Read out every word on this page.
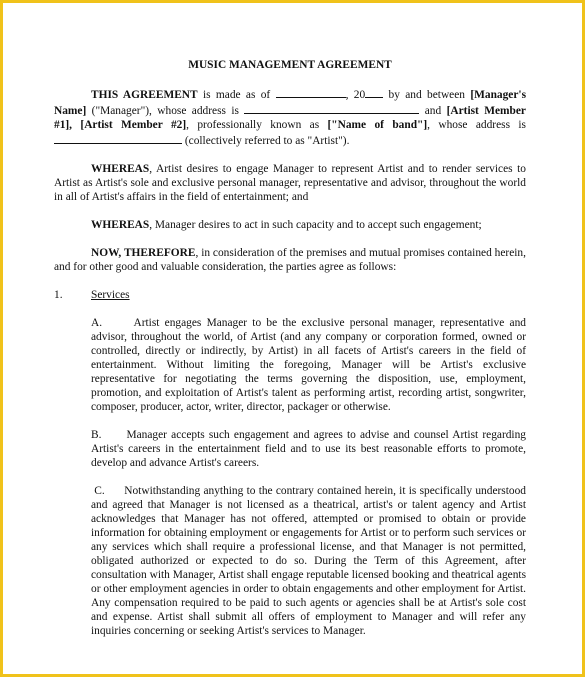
MUSIC MANAGEMENT AGREEMENT

THIS AGREEMENT is made as of	, 20 by and between [Manager's Name] ("Manager"), whose address is	and [Artist Member #1], [Artist Member #2], professionally known as ["Name of band"], whose address is  (collectively referred to as "Artist").

WHEREAS, Artist desires to engage Manager to represent Artist and to render services to Artist as Artist's sole and exclusive personal manager, representative and advisor, throughout the world in all of Artist's affairs in the field of entertainment; and

WHEREAS, Manager desires to act in such capacity and to accept such engagement;

NOW, THEREFORE, in consideration of the premises and mutual promises contained herein, and for other good and valuable consideration, the parties agree as follows:

1.	Services

A.	Artist engages Manager to be the exclusive personal manager, representative and advisor, throughout the world, of Artist (and any company or corporation formed, owned or controlled, directly or indirectly, by Artist) in all facets of Artist's careers in the field of entertainment. Without limiting the foregoing, Manager will be Artist's exclusive representative for negotiating the terms governing the disposition, use, employment, promotion, and exploitation of Artist's talent as performing artist, recording artist, songwriter, composer, producer, actor, writer, director, packager or otherwise.

B. Manager accepts such engagement and agrees to advise and counsel Artist regarding Artist's careers in the entertainment field and to use its best reasonable efforts to promote, develop and advance Artist's careers.

C. Notwithstanding anything to the contrary contained herein, it is specifically understood and agreed that Manager is not licensed as a theatrical, artist's or talent agency and Artist acknowledges that Manager has not offered, attempted or promised to obtain or provide information for obtaining employment or engagements for Artist or to perform such services or any services which shall require a professional license, and that Manager is not permitted, obligated authorized or expected to do so. During the Term of this Agreement, after consultation with Manager, Artist shall engage reputable licensed booking and theatrical agents or other employment agencies in order to obtain engagements and other employment for Artist. Any compensation required to be paid to such agents or agencies shall be at Artist's sole cost and expense. Artist shall submit all offers of employment to Manager and will refer any inquiries concerning or seeking Artist's services to Manager.
